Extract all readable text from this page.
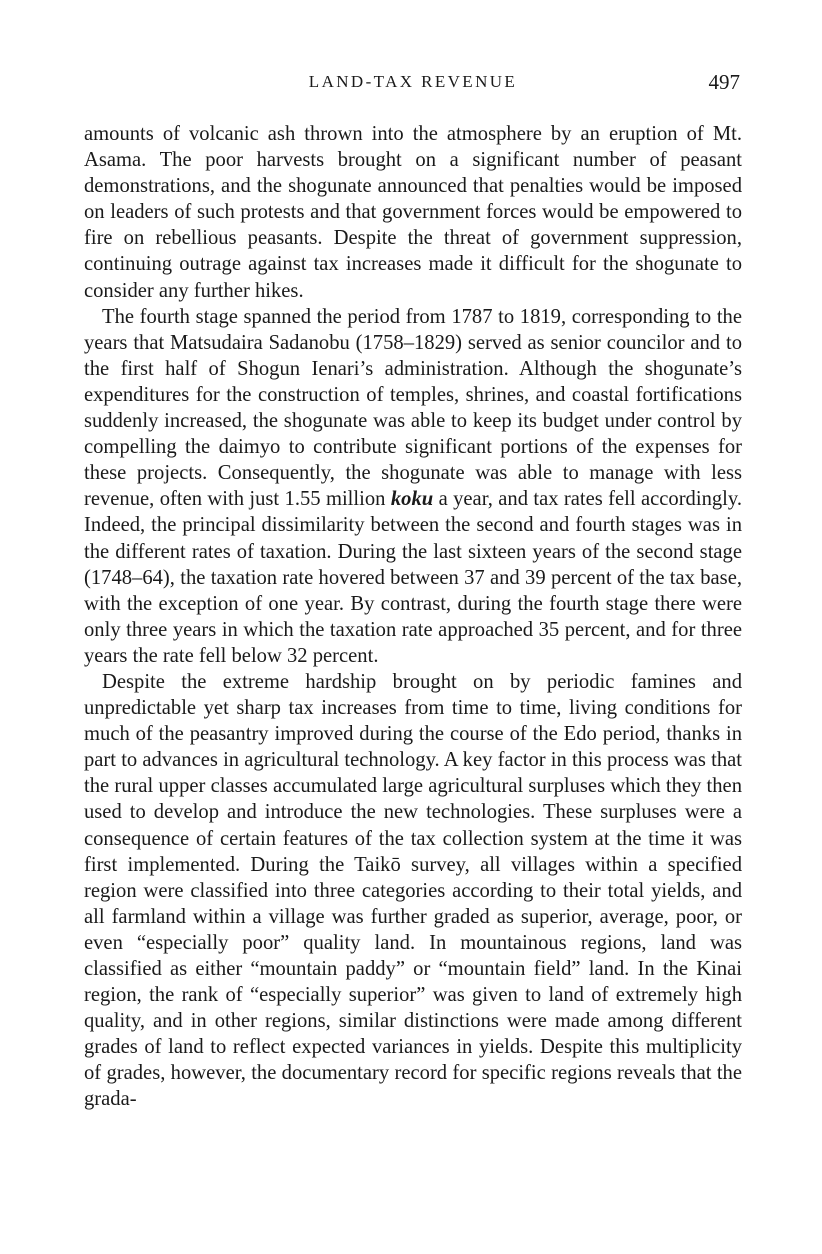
LAND-TAX REVENUE	497

amounts of volcanic ash thrown into the atmosphere by an eruption of Mt. Asama. The poor harvests brought on a significant number of peasant demonstrations, and the shogunate announced that penalties would be imposed on leaders of such protests and that government forces would be empowered to fire on rebellious peasants. Despite the threat of government suppression, continuing outrage against tax increases made it difficult for the shogunate to consider any further hikes.

The fourth stage spanned the period from 1787 to 1819, corresponding to the years that Matsudaira Sadanobu (1758–1829) served as senior councilor and to the first half of Shogun Ienari’s administration. Although the shogunate’s expenditures for the construction of temples, shrines, and coastal fortifications suddenly increased, the shogunate was able to keep its budget under control by compelling the daimyo to contribute significant portions of the expenses for these projects. Consequently, the shogunate was able to manage with less revenue, often with just 1.55 million koku a year, and tax rates fell accordingly. Indeed, the principal dissimilarity between the second and fourth stages was in the different rates of taxation. During the last sixteen years of the second stage (1748–64), the taxation rate hovered between 37 and 39 percent of the tax base, with the exception of one year. By contrast, during the fourth stage there were only three years in which the taxation rate approached 35 percent, and for three years the rate fell below 32 percent.

Despite the extreme hardship brought on by periodic famines and unpredictable yet sharp tax increases from time to time, living conditions for much of the peasantry improved during the course of the Edo period, thanks in part to advances in agricultural technology. A key factor in this process was that the rural upper classes accumulated large agricultural surpluses which they then used to develop and introduce the new technologies. These surpluses were a consequence of certain features of the tax collection system at the time it was first implemented. During the Taikō survey, all villages within a specified region were classified into three categories according to their total yields, and all farmland within a village was further graded as superior, average, poor, or even “especially poor” quality land. In mountainous regions, land was classified as either “mountain paddy” or “mountain field” land. In the Kinai region, the rank of “especially superior” was given to land of extremely high quality, and in other regions, similar distinctions were made among different grades of land to reflect expected variances in yields. Despite this multiplicity of grades, however, the documentary record for specific regions reveals that the grada-
